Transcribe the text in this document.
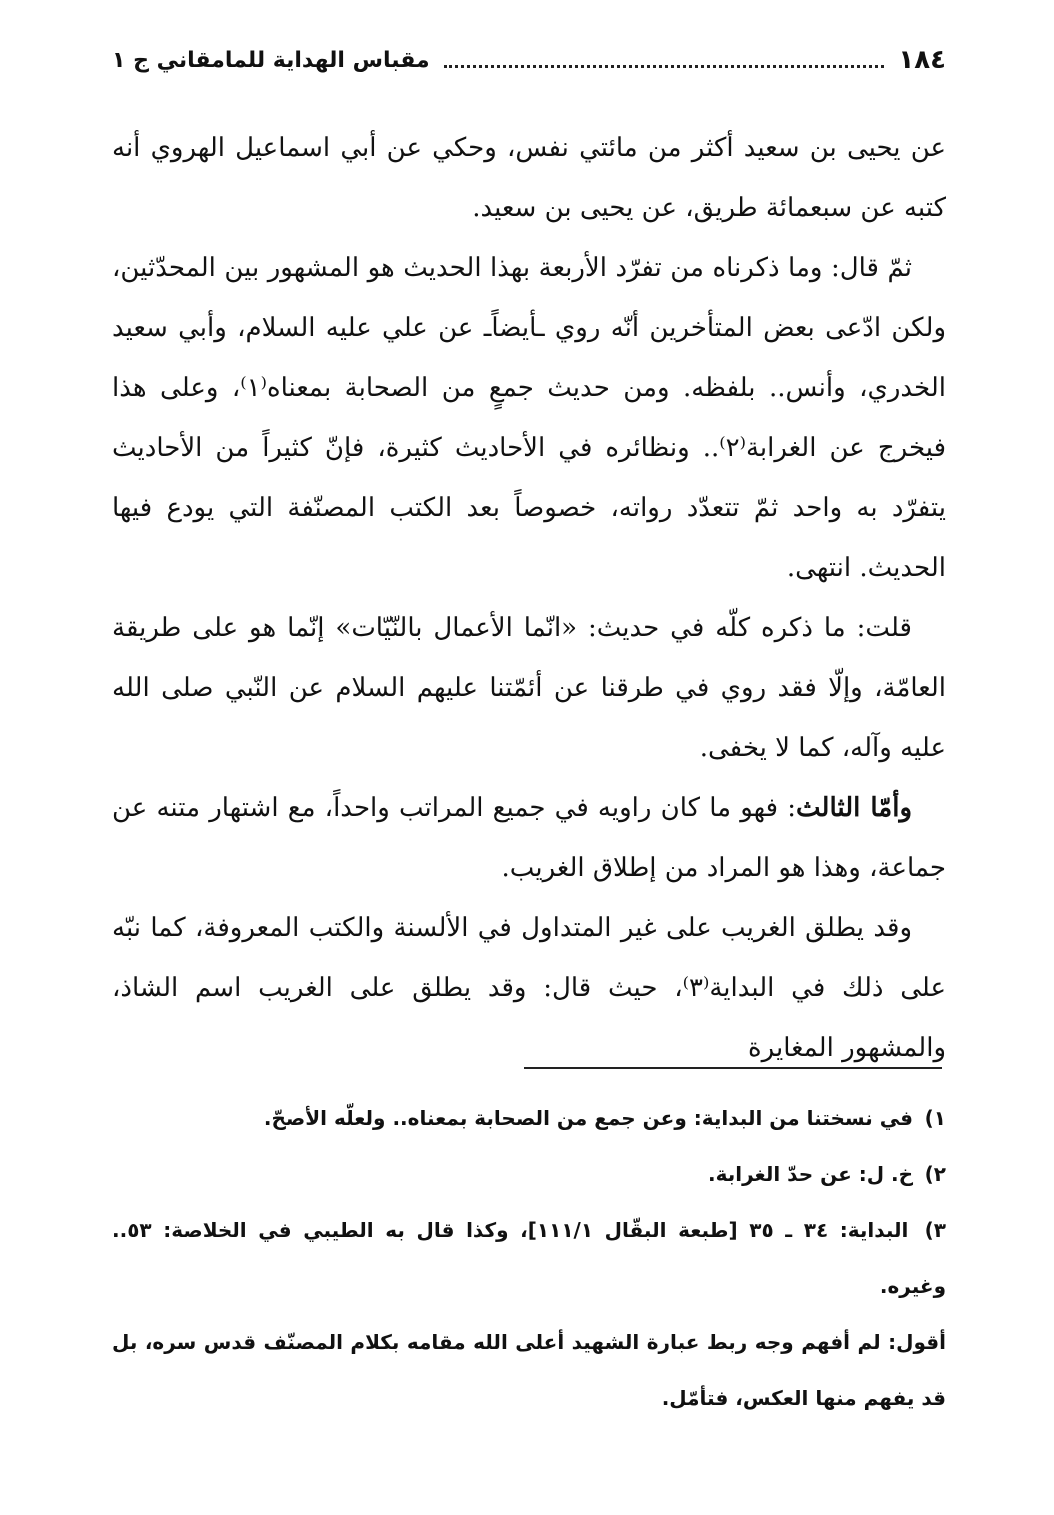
١٨٤
مقباس الهداية للمامقاني ج ١

عن يحيى بن سعيد أكثر من مائتي نفس، وحكي عن أبي اسماعيل الهروي أنه كتبه عن سبعمائة طريق، عن يحيى بن سعيد.

ثمّ قال: وما ذكرناه من تفرّد الأربعة بهذا الحديث هو المشهور بين المحدّثين، ولكن ادّعى بعض المتأخرين أنّه روي ـأيضاًـ عن علي عليه السلام، وأبي سعيد الخدري، وأنس.. بلفظه. ومن حديث جمعٍ من الصحابة بمعناه⁽١⁾، وعلى هذا فيخرج عن الغرابة⁽٢⁾.. ونظائره في الأحاديث كثيرة، فإنّ كثيراً من الأحاديث يتفرّد به واحد ثمّ تتعدّد رواته، خصوصاً بعد الكتب المصنّفة التي يودع فيها الحديث. انتهى.

قلت: ما ذكره كلّه في حديث: «انّما الأعمال بالنّيّات» إنّما هو على طريقة العامّة، وإلّا فقد روي في طرقنا عن أئمّتنا عليهم السلام عن النّبي صلى الله عليه وآله، كما لا يخفى.

وأمّا الثالث: فهو ما كان راويه في جميع المراتب واحداً، مع اشتهار متنه عن جماعة، وهذا هو المراد من إطلاق الغريب.

وقد يطلق الغريب على غير المتداول في الألسنة والكتب المعروفة، كما نبّه على ذلك في البداية⁽٣⁾، حيث قال: وقد يطلق على الغريب اسم الشاذ، والمشهور المغايرة

١) في نسختنا من البداية: وعن جمع من الصحابة بمعناه.. ولعلّه الأصحّ.

٢) خ. ل: عن حدّ الغرابة.

٣) البداية: ٣٤ ـ ٣٥ [طبعة البقّال ١١١/١]، وكذا قال به الطيبي في الخلاصة: ٥٣.. وغيره.

أقول: لم أفهم وجه ربط عبارة الشهيد أعلى الله مقامه بكلام المصنّف قدس سره، بل قد يفهم منها العكس، فتأمّل.
